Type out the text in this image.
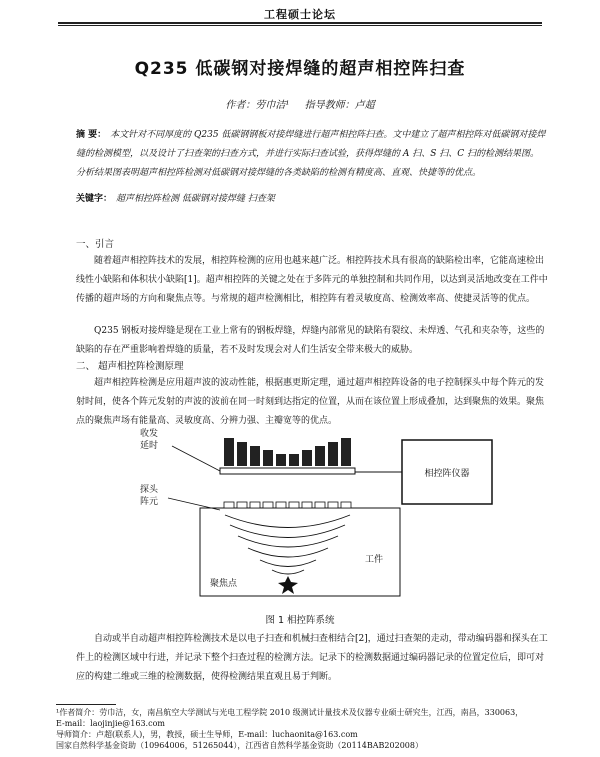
工程硕士论坛
Q235 低碳钢对接焊缝的超声相控阵扫查
作者：劳巾洁¹ 指导教师：卢超
摘 要： 本文针对不同厚度的 Q235 低碳钢钢板对接焊缝进行超声相控阵扫查。文中建立了超声相控阵对低碳钢对接焊缝的检测模型，以及设计了扫查架的扫查方式，并进行实际扫查试验，获得焊缝的 A 扫、S 扫、C 扫的检测结果图。分析结果图表明超声相控阵检测对低碳钢对接焊缝的各类缺陷的检测有精度高、直观、快捷等的优点。
关键字： 超声相控阵检测 低碳钢对接焊缝 扫查架
一、引言
随着超声相控阵技术的发展，相控阵检测的应用也越来越广泛。相控阵技术具有很高的缺陷检出率，它能高速检出线性小缺陷和体积状小缺陷[1]。超声相控阵的关键之处在于多阵元的单独控制和共同作用，以达到灵活地改变在工件中传播的超声场的方向和聚焦点等。与常规的超声检测相比，相控阵有着灵敏度高、检测效率高、使捷灵活等的优点。
Q235 钢板对接焊缝是现在工业上常有的钢板焊缝，焊缝内部常见的缺陷有裂纹、未焊透、气孔和夹杂等，这些的缺陷的存在严重影响着焊缝的质量，若不及时发现会对人们生活安全带来极大的威胁。
二、 超声相控阵检测原理
超声相控阵检测是应用超声波的波动性能，根据惠更斯定理，通过超声相控阵设备的电子控制探头中每个阵元的发射时间，使各个阵元发射的声波的波前在同一时刻到达指定的位置，从而在该位置上形成叠加，达到聚焦的效果。聚焦点的聚焦声场有能量高、灵敏度高、分辨力强、主瓣宽等的优点。
收发
延时
探头
阵元
相控阵仪器
工件
聚焦点
图 1 相控阵系统
自动或半自动超声相控阵检测技术是以电子扫查和机械扫查相结合[2]，通过扫查架的走动，带动编码器和探头在工件上的检测区域中行进，并记录下整个扫查过程的检测方法。记录下的检测数据通过编码器记录的位置定位后，即可对应的构建二维或三维的检测数据，使得检测结果直观且易于判断。
¹作者简介：劳巾洁，女，南昌航空大学测试与光电工程学院 2010 级测试计量技术及仪器专业硕士研究生，江西，南昌，330063，
E-mail：laojinjie@163.com
导师简介：卢超(联系人)，男，教授，硕士生导师，E-mail：luchaonita@163.com
国家自然科学基金资助（10964006，51265044），江西省自然科学基金资助（20114BAB202008）
